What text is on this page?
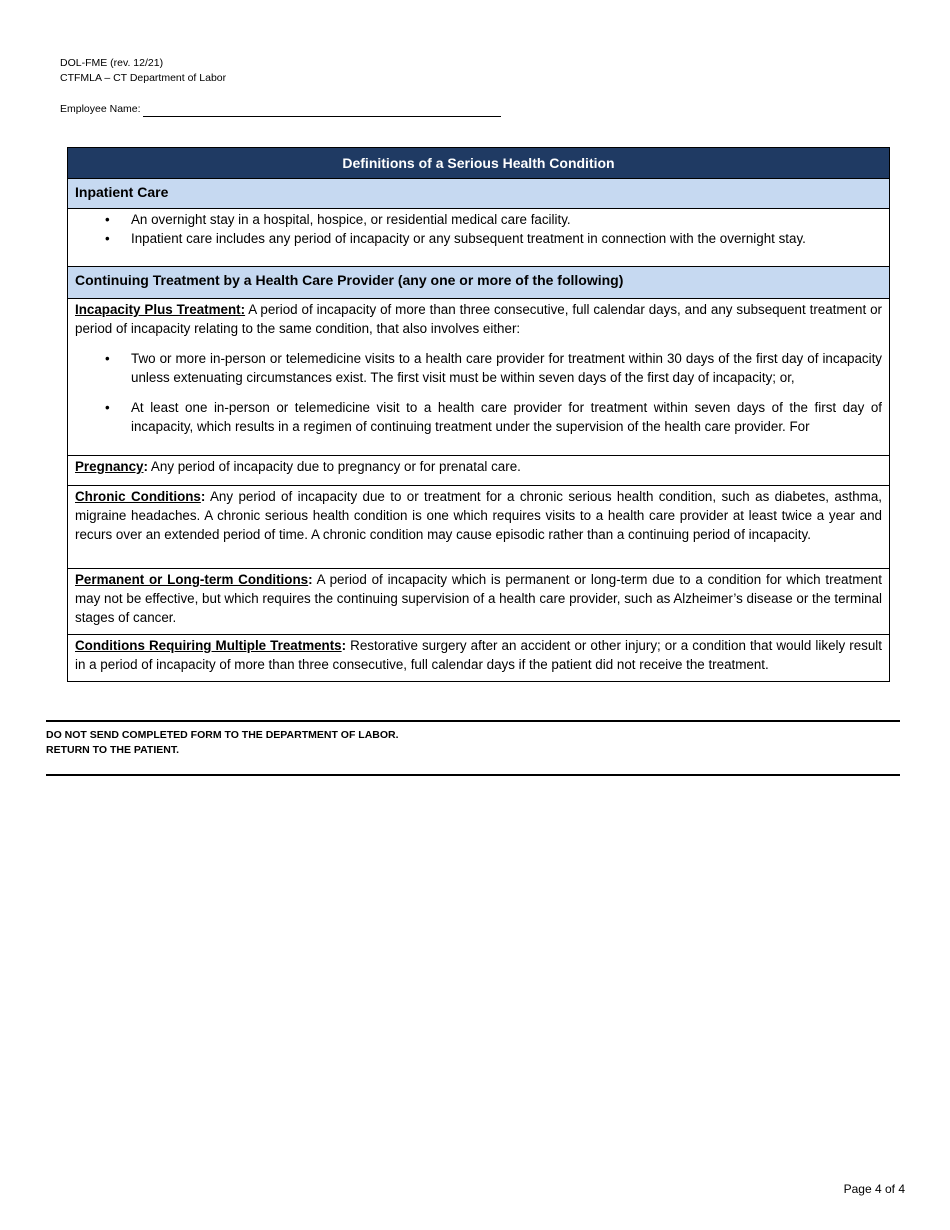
DOL-FME (rev. 12/21)
CTFMLA – CT Department of Labor
Employee Name:
Definitions of a Serious Health Condition
Inpatient Care
• An overnight stay in a hospital, hospice, or residential medical care facility.
• Inpatient care includes any period of incapacity or any subsequent treatment in connection with the overnight stay.
Continuing Treatment by a Health Care Provider (any one or more of the following)

Incapacity Plus Treatment: A period of incapacity of more than three consecutive, full calendar days, and any subsequent treatment or period of incapacity relating to the same condition, that also involves either:

• Two or more in-person or telemedicine visits to a health care provider for treatment within 30 days of the first day of incapacity unless extenuating circumstances exist. The first visit must be within seven days of the first day of incapacity; or,
• At least one in-person or telemedicine visit to a health care provider for treatment within seven days of the first day of incapacity, which results in a regimen of continuing treatment under the supervision of the health care provider. For

Pregnancy: Any period of incapacity due to pregnancy or for prenatal care.

Chronic Conditions: Any period of incapacity due to or treatment for a chronic serious health condition, such as diabetes, asthma, migraine headaches. A chronic serious health condition is one which requires visits to a health care provider at least twice a year and recurs over an extended period of time. A chronic condition may cause episodic rather than a continuing period of incapacity.

Permanent or Long-term Conditions: A period of incapacity which is permanent or long-term due to a condition for which treatment may not be effective, but which requires the continuing supervision of a health care provider, such as Alzheimer’s disease or the terminal stages of cancer.

Conditions Requiring Multiple Treatments: Restorative surgery after an accident or other injury; or a condition that would likely result in a period of incapacity of more than three consecutive, full calendar days if the patient did not receive the treatment.

DO NOT SEND COMPLETED FORM TO THE DEPARTMENT OF LABOR.
RETURN TO THE PATIENT.
Page 4 of 4
